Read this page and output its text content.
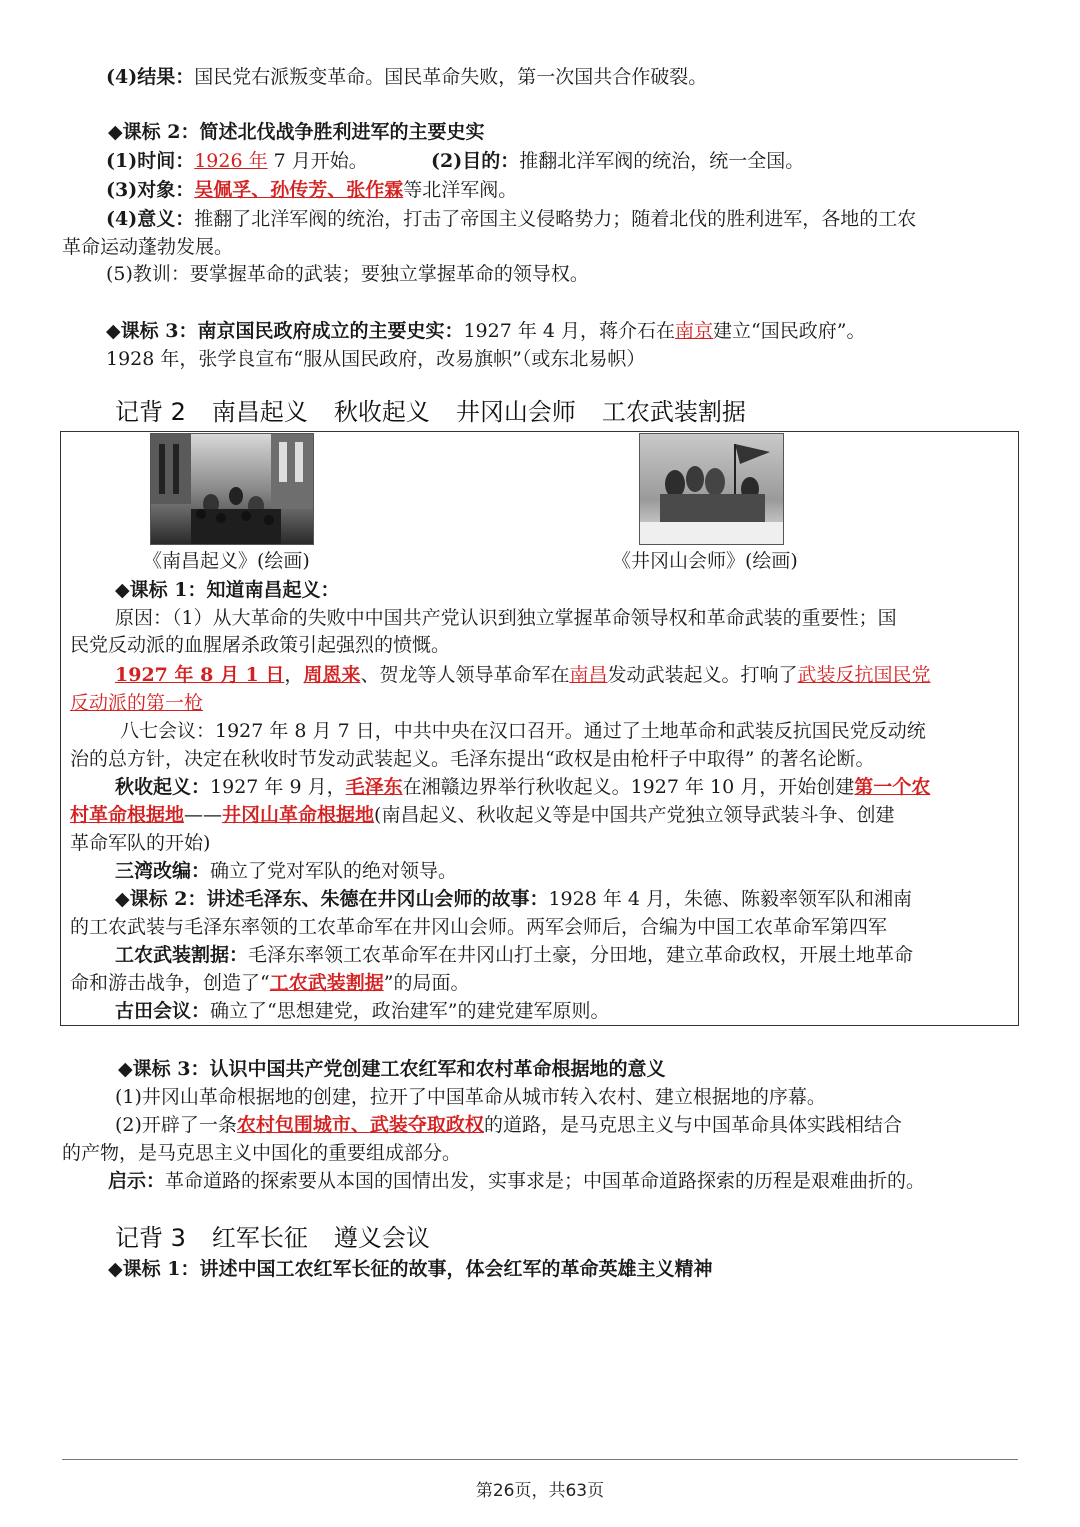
(4)结果：国民党右派叛变革命。国民革命失败，第一次国共合作破裂。
◆课标 2：简述北伐战争胜利进军的主要史实
(1)时间：1926 年 7 月开始。	(2)目的：推翻北洋军阀的统治，统一全国。
(3)对象：吴佩孚、孙传芳、张作霖等北洋军阀。
(4)意义：推翻了北洋军阀的统治，打击了帝国主义侵略势力；随着北伐的胜利进军，各地的工农
革命运动蓬勃发展。
(5)教训：要掌握革命的武装；要独立掌握革命的领导权。
◆课标 3：南京国民政府成立的主要史实：1927 年 4 月，蒋介石在南京建立“国民政府”。
1928 年，张学良宣布“服从国民政府，改易旗帜”（或东北易帜）
记背 2 南昌起义 秋收起义 井冈山会师 工农武装割据
《南昌起义》(绘画)	《井冈山会师》(绘画)
◆课标 1：知道南昌起义：
原因：（1）从大革命的失败中中国共产党认识到独立掌握革命领导权和革命武装的重要性；国
民党反动派的血腥屠杀政策引起强烈的愤慨。
1927 年 8 月 1 日，周恩来、贺龙等人领导革命军在南昌发动武装起义。打响了武装反抗国民党
反动派的第一枪
八七会议：1927 年 8 月 7 日，中共中央在汉口召开。通过了土地革命和武装反抗国民党反动统
治的总方针，决定在秋收时节发动武装起义。毛泽东提出“政权是由枪杆子中取得” 的著名论断。
秋收起义：1927 年 9 月，毛泽东在湘赣边界举行秋收起义。1927 年 10 月，开始创建第一个农
村革命根据地——井冈山革命根据地(南昌起义、秋收起义等是中国共产党独立领导武装斗争、创建
革命军队的开始)
三湾改编：确立了党对军队的绝对领导。
◆课标 2：讲述毛泽东、朱德在井冈山会师的故事：1928 年 4 月，朱德、陈毅率领军队和湘南
的工农武装与毛泽东率领的工农革命军在井冈山会师。两军会师后，合编为中国工农革命军第四军
工农武装割据：毛泽东率领工农革命军在井冈山打土豪，分田地，建立革命政权，开展土地革命
命和游击战争，创造了“工农武装割据”的局面。
古田会议：确立了“思想建党，政治建军”的建党建军原则。
◆课标 3：认识中国共产党创建工农红军和农村革命根据地的意义
(1)井冈山革命根据地的创建，拉开了中国革命从城市转入农村、建立根据地的序幕。
(2)开辟了一条农村包围城市、武装夺取政权的道路，是马克思主义与中国革命具体实践相结合
的产物，是马克思主义中国化的重要组成部分。
启示：革命道路的探索要从本国的国情出发，实事求是；中国革命道路探索的历程是艰难曲折的。
记背 3 红军长征 遵义会议
◆课标 1：讲述中国工农红军长征的故事，体会红军的革命英雄主义精神
第26页，共63页
